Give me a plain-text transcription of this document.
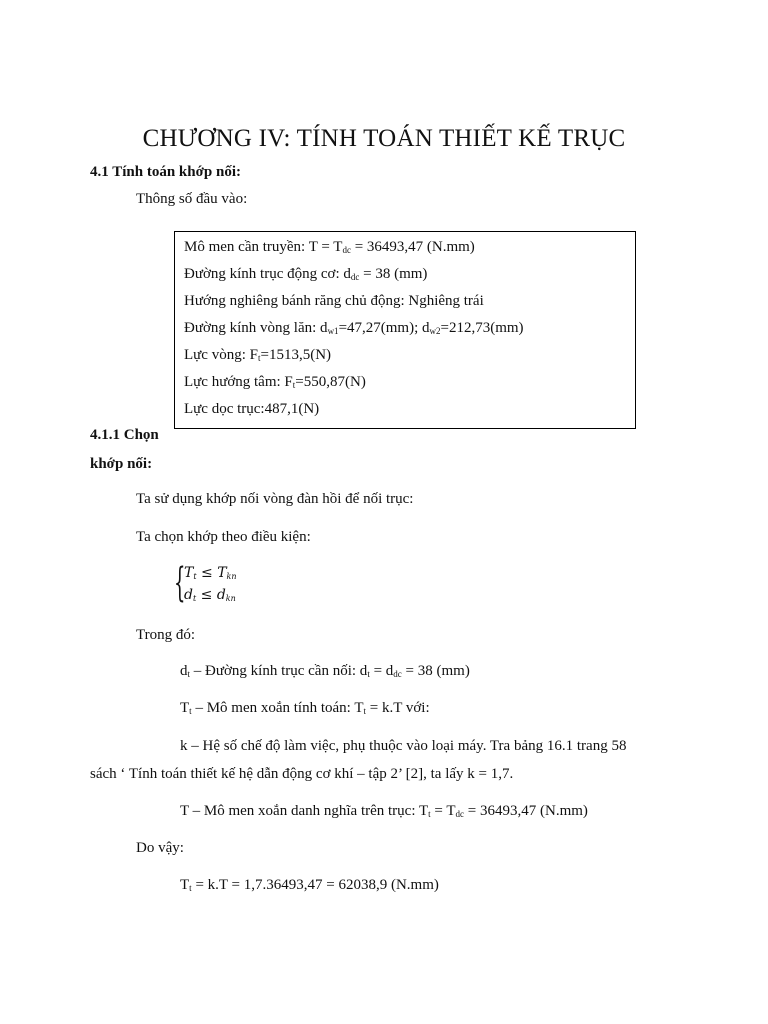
CHƯƠNG IV: TÍNH TOÁN THIẾT KẾ TRỤC
4.1 Tính toán khớp nối:
Thông số đầu vào:
Mô men cần truyền: $T = T_{dc} = 36493,47$ (N.mm)
Đường kính trục động cơ: $d_{dc} = 38$ (mm)
Hướng nghiêng bánh răng chủ động: Nghiêng trái
Đường kính vòng lăn: $d_{w1}=47,27(mm)$; $d_{w2}=212,73(mm)$
Lực vòng: $F_t=1513,5(N)$
Lực hướng tâm: $F_t=550,87(N)$
Lực dọc trục:487,1(N)
4.1.1 Chọn
khớp nối:
Ta sử dụng khớp nối vòng đàn hồi để nối trục:
Ta chọn khớp theo điều kiện:
{
$T_t \le T_{kn}$
$d_t \le d_{kn}$
Trong đó:
$d_t$ – Đường kính trục cần nối: $d_t = d_{dc} = 38$ (mm)
$T_t$ – Mô men xoắn tính toán: $T_t = k.T$ với:
k – Hệ số chế độ làm việc, phụ thuộc vào loại máy. Tra bảng 16.1 trang 58
sách ‘ Tính toán thiết kế hệ dẫn động cơ khí – tập 2’ [2], ta lấy k = 1,7.
T – Mô men xoắn danh nghĩa trên trục: $T_t = T_{dc} = 36493,47$ (N.mm)
Do vậy:
$T_t = k.T = 1,7.36493,47 = 62038,9$ (N.mm)
